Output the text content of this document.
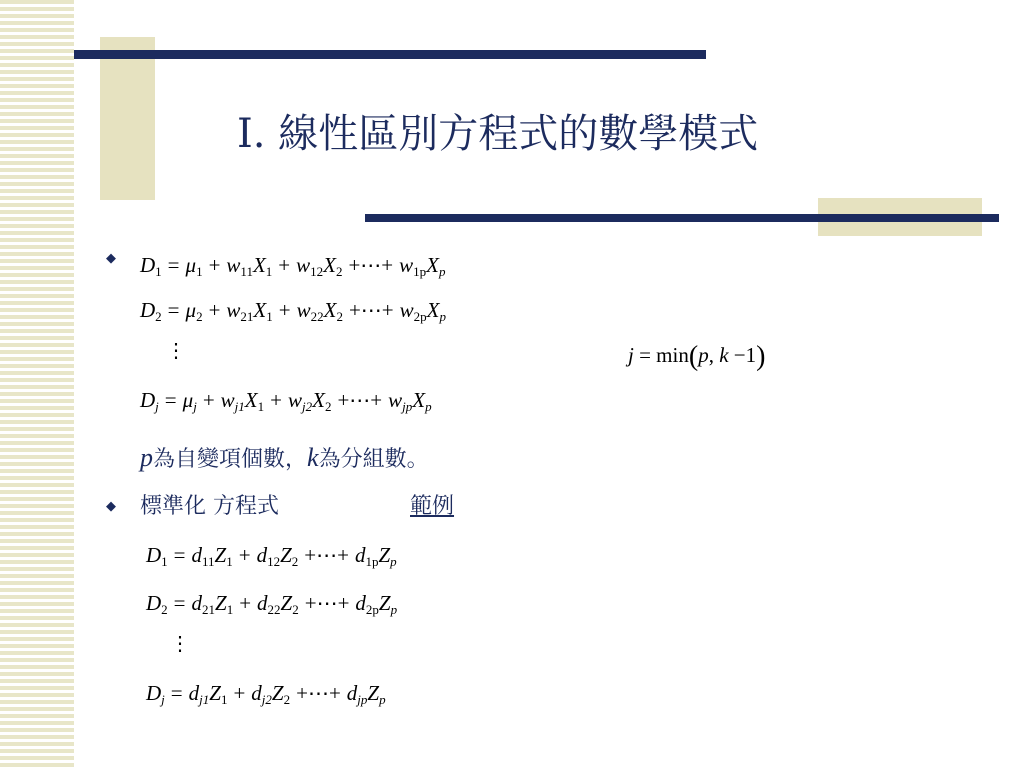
I. 線性區別方程式的數學模式
◆ $D_1 = \mu_1 + w_{11}X_1 + w_{12}X_2$ +⋯+ $w_{1p}X_p$
$D_2 = \mu_2 + w_{21}X_1 + w_{22}X_2$ +⋯+ $w_{2p}X_p$
⋮	j = min(p, k −1)
$D_j = \mu_j + w_{j1}X_1 + w_{j2}X_2$ +⋯+ $w_{jp}X_p$
p為自變項個數，k為分組數。
◆ 標準化 方程式	範例
$D_1 = d_{11}Z_1 + d_{12}Z_2$ +⋯+ $d_{1p}Z_p$
$D_2 = d_{21}Z_1 + d_{22}Z_2$ +⋯+ $d_{2p}Z_p$
⋮
$D_j = d_{j1}Z_1 + d_{j2}Z_2$ +⋯+ $d_{jp}Z_p$
